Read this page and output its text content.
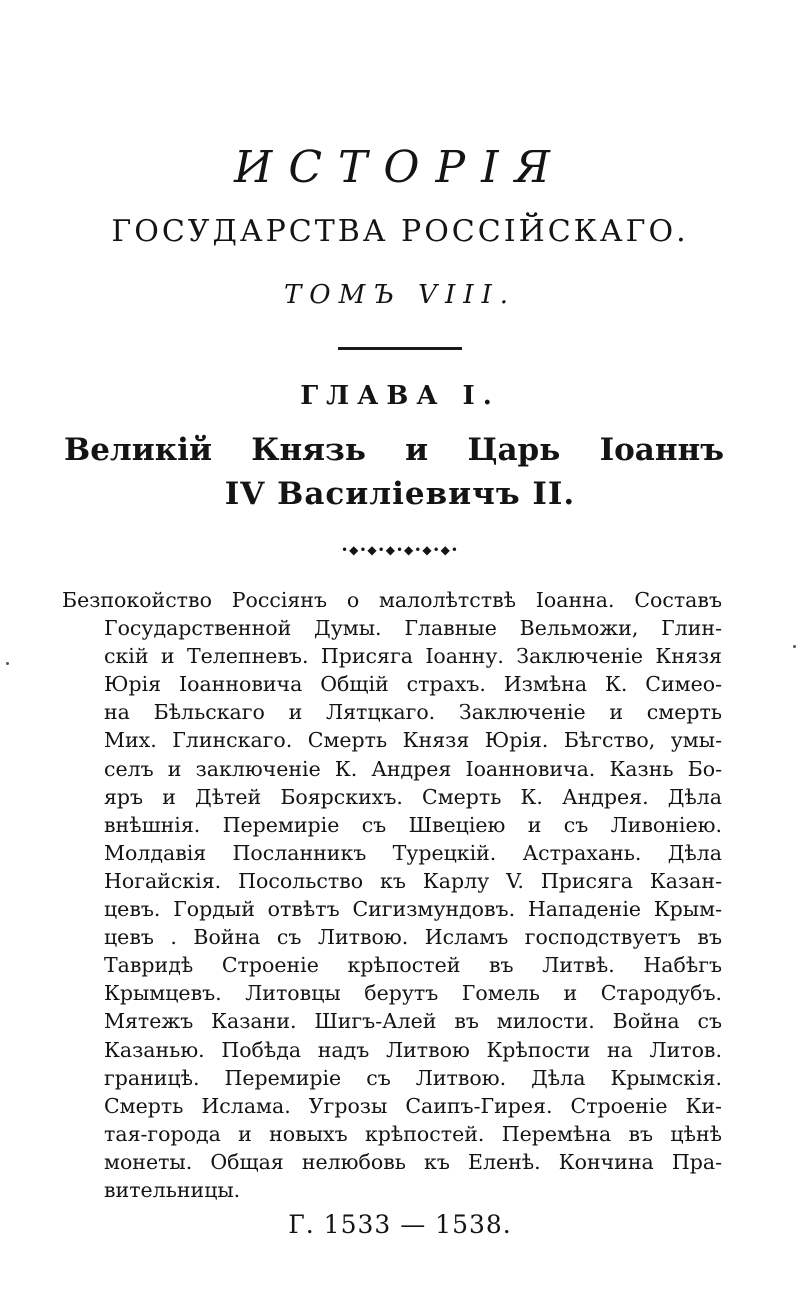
ИСТОРІЯ
ГОСУДАРСТВА РОССІЙСКАГО.
ТОМЪ VIII.
ГЛАВА I.
Великій Князь и Царь Іоаннъ
IV Василіевичъ II.
•◆•◆•◆•◆•◆•◆•
Безпокойство Россіянъ о малолѣтствѣ Іоанна. Составъ
Государственной Думы. Главные Вельможи, Глин-
скій и Телепневъ. Присяга Іоанну. Заключеніе Князя
Юрія Іоанновича Общій страхъ. Измѣна К. Симео-
на Бѣльскаго и Лятцкаго. Заключеніе и смерть
Мих. Глинскаго. Смерть Князя Юрія. Бѣгство, умы-
селъ и заключеніе К. Андрея Іоанновича. Казнь Бо-
яръ и Дѣтей Боярскихъ. Смерть К. Андрея. Дѣла
внѣшнія. Перемиріе съ Швеціею и съ Ливоніею.
Молдавія Посланникъ Турецкій. Астрахань. Дѣла
Ногайскія. Посольство къ Карлу V. Присяга Казан-
цевъ. Гордый отвѣтъ Сигизмундовъ. Нападеніе Крым-
цевъ . Война съ Литвою. Исламъ господствуетъ въ
Тавридѣ Строеніе крѣпостей въ Литвѣ. Набѣгъ
Крымцевъ. Литовцы берутъ Гомель и Стародубъ.
Мятежъ Казани. Шигъ-Алей въ милости. Война съ
Казанью. Побѣда надъ Литвою Крѣпости на Литов.
границѣ. Перемиріе съ Литвою. Дѣла Крымскія.
Смерть Ислама. Угрозы Саипъ-Гирея. Строеніе Ки-
тая-города и новыхъ крѣпостей. Перемѣна въ цѣнѣ
монеты. Общая нелюбовь къ Еленѣ. Кончина Пра-
вительницы.
Г. 1533 — 1538.
